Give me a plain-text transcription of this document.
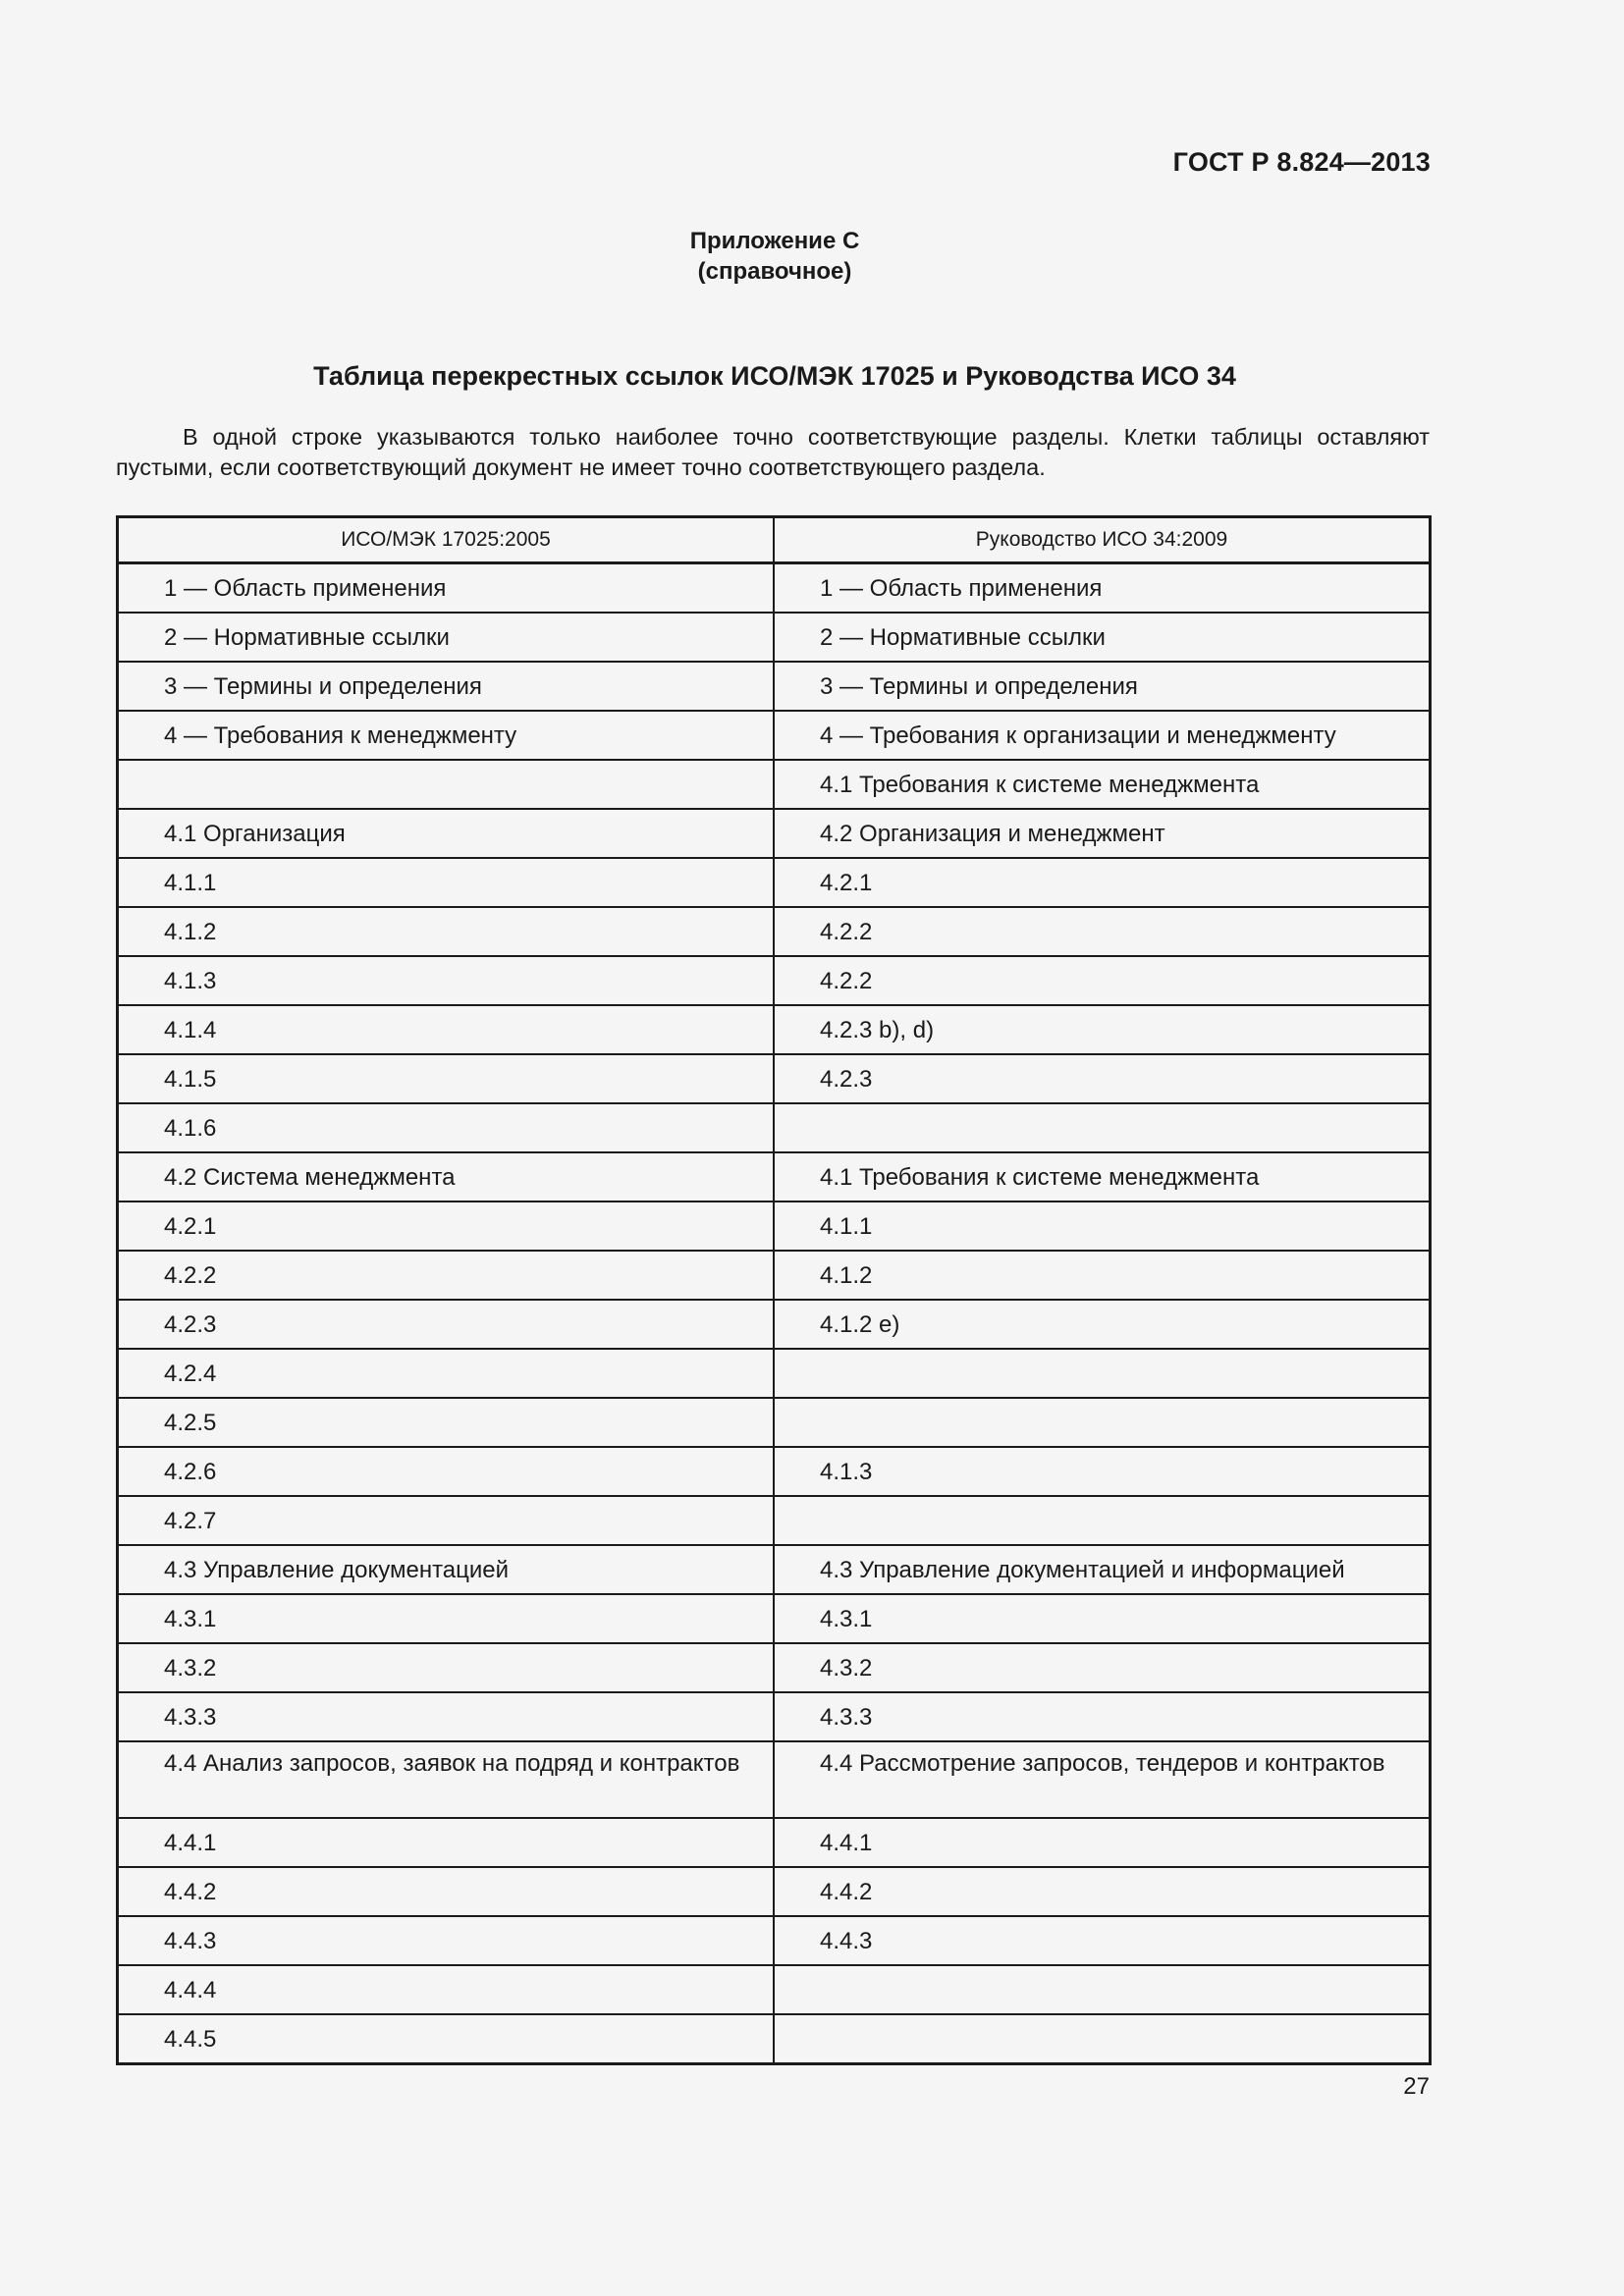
ГОСТ Р 8.824—2013
Приложение С
(справочное)
Таблица перекрестных ссылок ИСО/МЭК 17025 и Руководства ИСО 34

В одной строке указываются только наиболее точно соответствующие разделы. Клетки таблицы оставляют пустыми, если соответствующий документ не имеет точно соответствующего раздела.

ИСО/МЭК 17025:2005	Руководство ИСО 34:2009
1 — Область применения	1 — Область применения
2 — Нормативные ссылки	2 — Нормативные ссылки
3 — Термины и определения	3 — Термины и определения
4 — Требования к менеджменту	4 — Требования к организации и менеджменту
	4.1 Требования к системе менеджмента
4.1 Организация	4.2 Организация и менеджмент
4.1.1	4.2.1
4.1.2	4.2.2
4.1.3	4.2.2
4.1.4	4.2.3 b), d)
4.1.5	4.2.3
4.1.6	
4.2 Система менеджмента	4.1 Требования к системе менеджмента
4.2.1	4.1.1
4.2.2	4.1.2
4.2.3	4.1.2 e)
4.2.4	
4.2.5	
4.2.6	4.1.3
4.2.7	
4.3 Управление документацией	4.3 Управление документацией и информацией
4.3.1	4.3.1
4.3.2	4.3.2
4.3.3	4.3.3
4.4 Анализ запросов, заявок на подряд и контрактов	4.4 Рассмотрение запросов, тендеров и контрактов
4.4.1	4.4.1
4.4.2	4.4.2
4.4.3	4.4.3
4.4.4	
4.4.5	
27
